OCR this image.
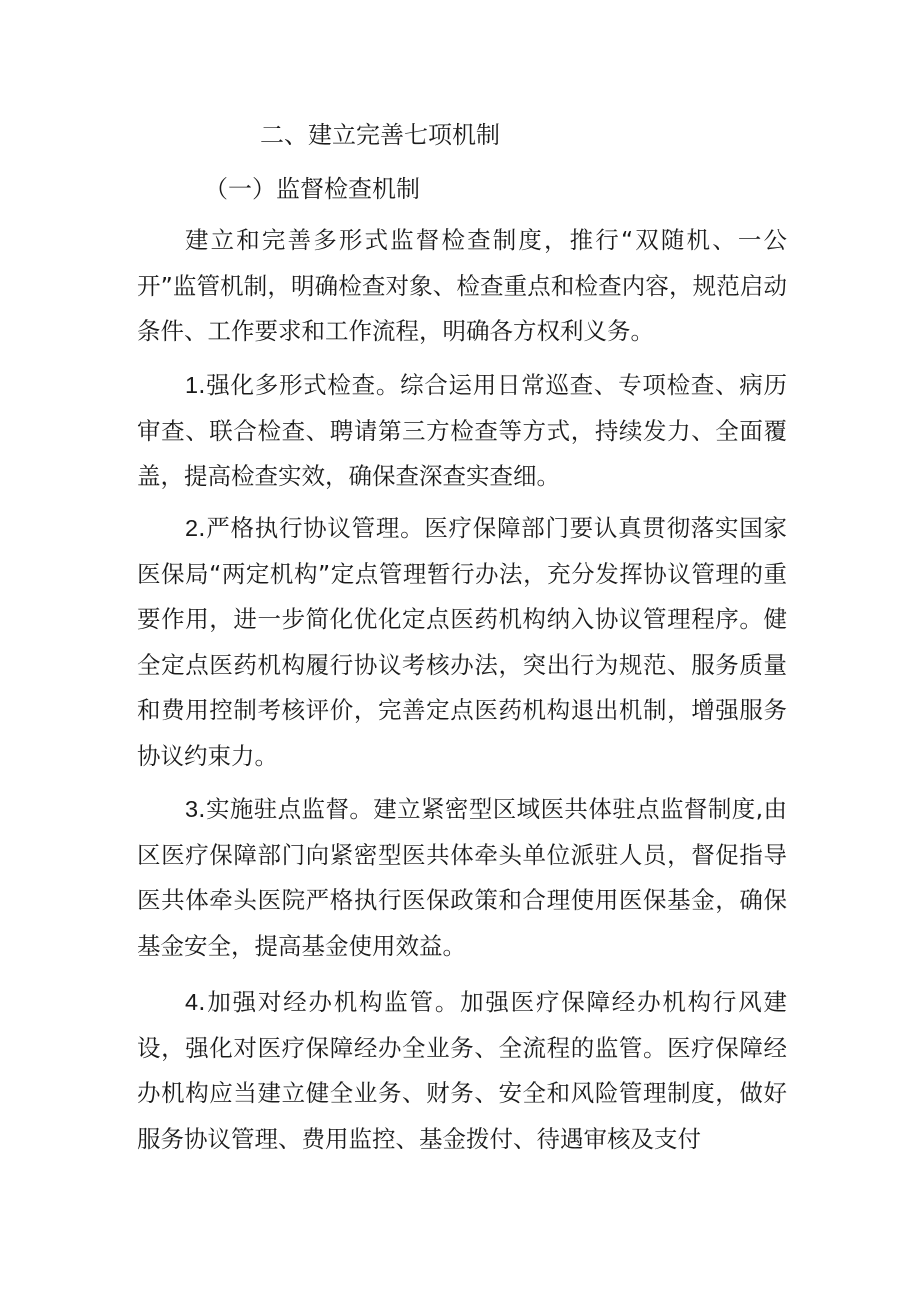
二、建立完善七项机制
（一）监督检查机制

建立和完善多形式监督检查制度，推行“双随机、一公开”监管机制，明确检查对象、检查重点和检查内容，规范启动条件、工作要求和工作流程，明确各方权利义务。

1.强化多形式检查。综合运用日常巡查、专项检查、病历审查、联合检查、聘请第三方检查等方式，持续发力、全面覆盖，提高检查实效，确保查深查实查细。

2.严格执行协议管理。医疗保障部门要认真贯彻落实国家医保局“两定机构”定点管理暂行办法，充分发挥协议管理的重要作用，进一步简化优化定点医药机构纳入协议管理程序。健全定点医药机构履行协议考核办法，突出行为规范、服务质量和费用控制考核评价，完善定点医药机构退出机制，增强服务协议约束力。

3.实施驻点监督。建立紧密型区域医共体驻点监督制度,由区医疗保障部门向紧密型医共体牵头单位派驻人员，督促指导医共体牵头医院严格执行医保政策和合理使用医保基金，确保基金安全，提高基金使用效益。

4.加强对经办机构监管。加强医疗保障经办机构行风建设，强化对医疗保障经办全业务、全流程的监管。医疗保障经办机构应当建立健全业务、财务、安全和风险管理制度，做好服务协议管理、费用监控、基金拨付、待遇审核及支付
